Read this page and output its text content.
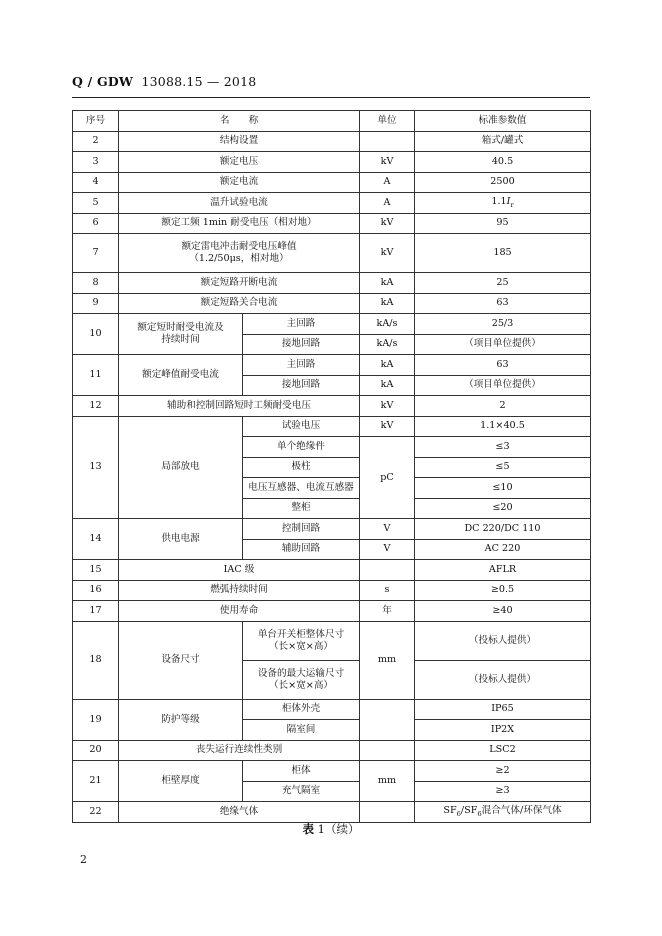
Q / GDW 13088.15 — 2018
序号	名　　称		单位	标准参数值
2	结构设置			箱式/罐式
3	额定电压		kV	40.5
4	额定电流		A	2500
5	温升试验电流		A	$1.1I_r$
6	额定工频 1min 耐受电压（相对地）		kV	95
7	额定雷电冲击耐受电压峰值
（1.2/50μs，相对地）		kV	185
8	额定短路开断电流		kA	25
9	额定短路关合电流		kA	63
10	额定短时耐受电流及
持续时间	主回路	kA/s	25/3
		接地回路	kA/s	（项目单位提供）
11	额定峰值耐受电流	主回路	kA	63
		接地回路	kA	（项目单位提供）
12	辅助和控制回路短时工频耐受电压		kV	2
13	局部放电	试验电压	kV	1.1×40.5
		单个绝缘件	pC	≤3
		极柱		≤5
		电压互感器、电流互感器		≤10
		整柜		≤20
14	供电电源	控制回路	V	DC 220/DC 110
		辅助回路	V	AC 220
15	IAC 级			AFLR
16	燃弧持续时间		s	≥0.5
17	使用寿命		年	≥40
18	设备尺寸	单台开关柜整体尺寸
（长×宽×高）	mm	（投标人提供）
		设备的最大运输尺寸
（长×宽×高）		（投标人提供）
19	防护等级	柜体外壳		IP65
		隔室间		IP2X
20	丧失运行连续性类别			LSC2
21	柜壁厚度	柜体	mm	≥2
		充气隔室		≥3
22	绝缘气体			$SF_6/SF_6$混合气体/环保气体
表 1（续）
2
